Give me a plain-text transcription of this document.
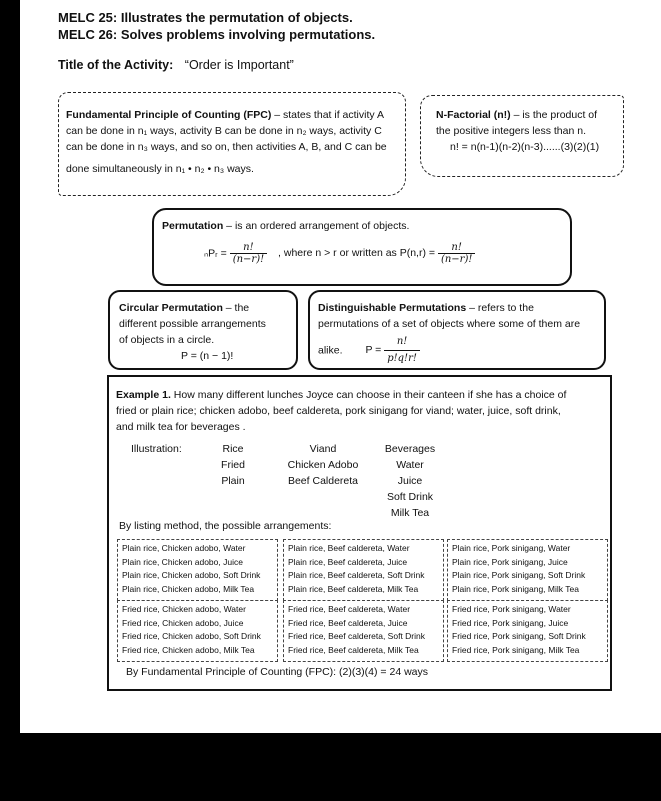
MELC 25: Illustrates the permutation of objects.
MELC 26: Solves problems involving permutations.
Title of the Activity: “Order is Important”
Fundamental Principle of Counting (FPC) – states that if activity A
can be done in n₁ ways, activity B can be done in n₂ ways, activity C
can be done in n₃ ways, and so on, then activities A, B, and C can be
done simultaneously in n₁ • n₂ • n₃ ways.
N-Factorial (n!) – is the product of
the positive integers less than n.
n! = n(n-1)(n-2)(n-3)......(3)(2)(1)
Permutation – is an ordered arrangement of objects.
ₙPᵣ = $\frac{n!}{(n-r)!}$ , where n > r or written as $P(n,r) = \frac{n!}{(n-r)!}$
Circular Permutation – the
different possible arrangements
of objects in a circle.
P = (n − 1)!
Distinguishable Permutations – refers to the
permutations of a set of objects where some of them are
alike. $P = \frac{n!}{p!q!r!}$
Example 1. How many different lunches Joyce can choose in their canteen if she has a choice of
fried or plain rice; chicken adobo, beef caldereta, pork sinigang for viand; water, juice, soft drink,
and milk tea for beverages .
Illustration:	Rice
Fried
Plain
Viand
Chicken Adobo
Beef Caldereta
Beverages
Water
Juice
Soft Drink
Milk Tea
By listing method, the possible arrangements:
Plain rice, Chicken adobo, Water
Plain rice, Chicken adobo, Juice
Plain rice, Chicken adobo, Soft Drink
Plain rice, Chicken adobo, Milk Tea
Plain rice, Beef caldereta, Water
Plain rice, Beef caldereta, Juice
Plain rice, Beef caldereta, Soft Drink
Plain rice, Beef caldereta, Milk Tea
Plain rice, Pork sinigang, Water
Plain rice, Pork sinigang, Juice
Plain rice, Pork sinigang, Soft Drink
Plain rice, Pork sinigang, Milk Tea
Fried rice, Chicken adobo, Water
Fried rice, Chicken adobo, Juice
Fried rice, Chicken adobo, Soft Drink
Fried rice, Chicken adobo, Milk Tea
Fried rice, Beef caldereta, Water
Fried rice, Beef caldereta, Juice
Fried rice, Beef caldereta, Soft Drink
Fried rice, Beef caldereta, Milk Tea
Fried rice, Pork sinigang, Water
Fried rice, Pork sinigang, Juice
Fried rice, Pork sinigang, Soft Drink
Fried rice, Pork sinigang, Milk Tea
By Fundamental Principle of Counting (FPC): (2)(3)(4) = 24 ways
